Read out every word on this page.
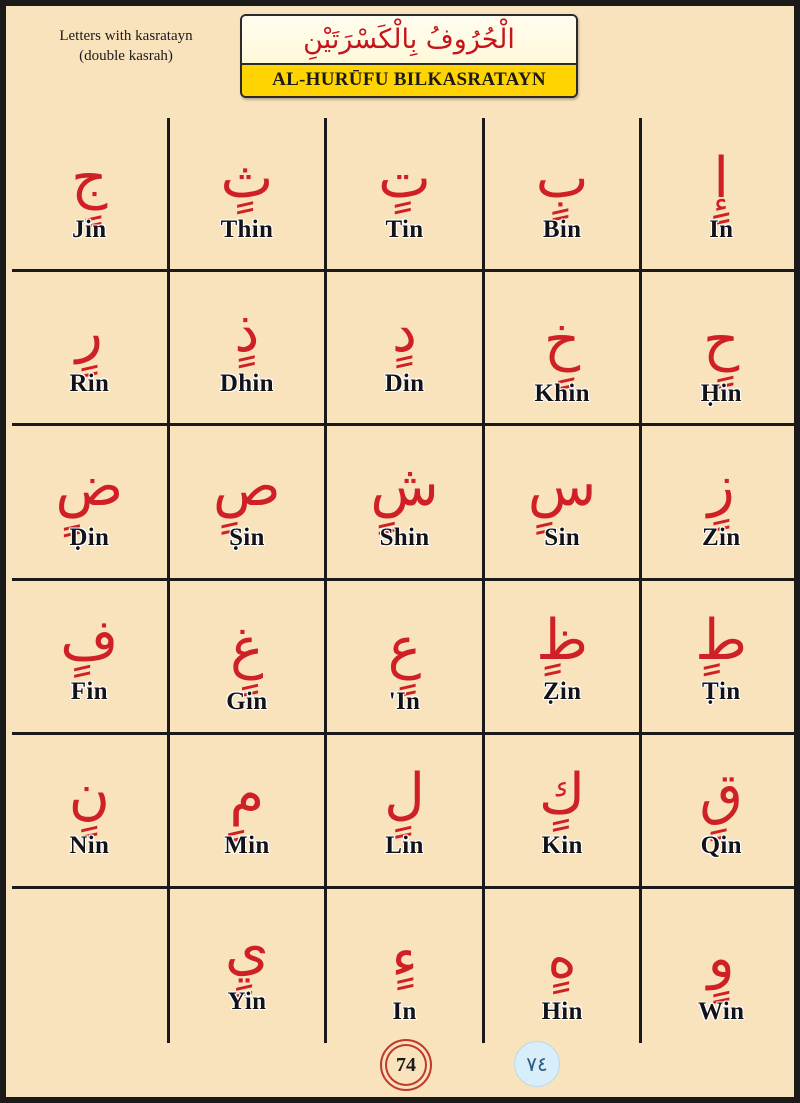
Letters with kasratayn
(double kasrah)
الْحُرُوفُ بِالْكَسْرَتَيْنِ
AL-HURŪFU BILKASRATAYN
جٍ
Jin
ثٍ
Thin
تٍ
Tin
بٍ
Bin
إٍ
In
رٍ
Rin
ذٍ
Dhin
دٍ
Din
خٍ
Khin
حٍ
Ḥin
ضٍ
Ḍin
صٍ
Ṣin
شٍ
Shin
سٍ
Sin
زٍ
Zin
فٍ
Fin
غٍ
Gin
عٍ
'In
ظٍ
Ẓin
طٍ
Ṭin
نٍ
Nin
مٍ
Min
لٍ
Lin
كٍ
Kin
قٍ
Qin
يٍ
Yin
ءٍ
In
هٍ
Hin
وٍ
Win
74	٧٤
